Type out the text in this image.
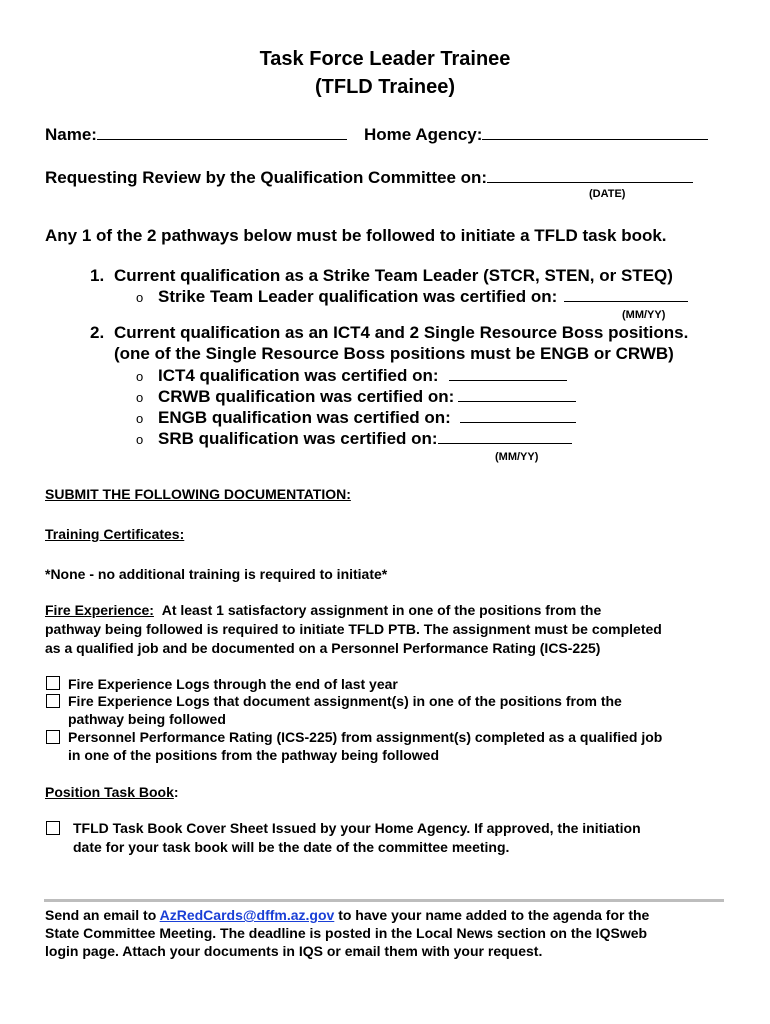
Task Force Leader Trainee
(TFLD Trainee)
Name:	Home Agency:
Requesting Review by the Qualification Committee on:
(DATE)
Any 1 of the 2 pathways below must be followed to initiate a TFLD task book.
1. Current qualification as a Strike Team Leader (STCR, STEN, or STEQ)
o Strike Team Leader qualification was certified on:
(MM/YY)
2. Current qualification as an ICT4 and 2 Single Resource Boss positions.
(one of the Single Resource Boss positions must be ENGB or CRWB)
o ICT4 qualification was certified on:
o CRWB qualification was certified on:
o ENGB qualification was certified on:
o SRB qualification was certified on:
(MM/YY)
SUBMIT THE FOLLOWING DOCUMENTATION:
Training Certificates:
*None - no additional training is required to initiate*
Fire Experience: At least 1 satisfactory assignment in one of the positions from the
pathway being followed is required to initiate TFLD PTB. The assignment must be completed
as a qualified job and be documented on a Personnel Performance Rating (ICS-225)
Fire Experience Logs through the end of last year
Fire Experience Logs that document assignment(s) in one of the positions from the
pathway being followed
Personnel Performance Rating (ICS-225) from assignment(s) completed as a qualified job
in one of the positions from the pathway being followed
Position Task Book:
TFLD Task Book Cover Sheet Issued by your Home Agency. If approved, the initiation
date for your task book will be the date of the committee meeting.
Send an email to AzRedCards@dffm.az.gov to have your name added to the agenda for the
State Committee Meeting. The deadline is posted in the Local News section on the IQSweb
login page. Attach your documents in IQS or email them with your request.
